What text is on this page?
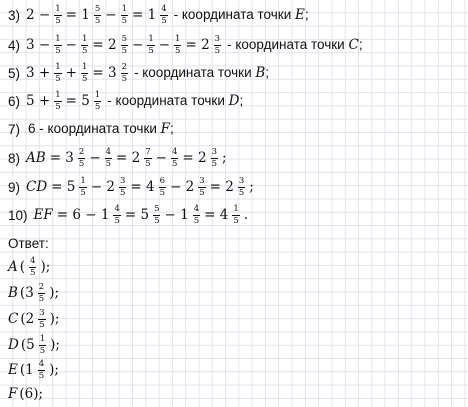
3) $2 - \frac{1}{5} = 1 \frac{5}{5} - \frac{1}{5} = 1 \frac{4}{5}$ - координата точки E;
4) $3 - \frac{1}{5} - \frac{1}{5} = 2 \frac{5}{5} - \frac{1}{5} - \frac{1}{5} = 2 \frac{3}{5}$ - координата точки C;
5) $3 + \frac{1}{5} + \frac{1}{5} = 3 \frac{2}{5}$ - координата точки B;
6) $5 + \frac{1}{5} = 5 \frac{1}{5}$ - координата точки D;
7) 6 - координата точки F;
8) AB = $3 \frac{2}{5} - \frac{4}{5} = 2 \frac{7}{5} - \frac{4}{5} = 2 \frac{3}{5}$ ;
9) CD = $5 \frac{1}{5} - 2 \frac{3}{5} = 4 \frac{6}{5} - 2 \frac{3}{5} = 2 \frac{3}{5}$ ;
10) EF = $6 - 1 \frac{4}{5} = 5 \frac{5}{5} - 1 \frac{4}{5} = 4 \frac{1}{5}$ .
Ответ:
A ( $\frac{4}{5}$ );
B ($3 \frac{2}{5}$ );
C ($2 \frac{3}{5}$ );
D ($5 \frac{1}{5}$ );
E ($1 \frac{4}{5}$ );
F (6);
